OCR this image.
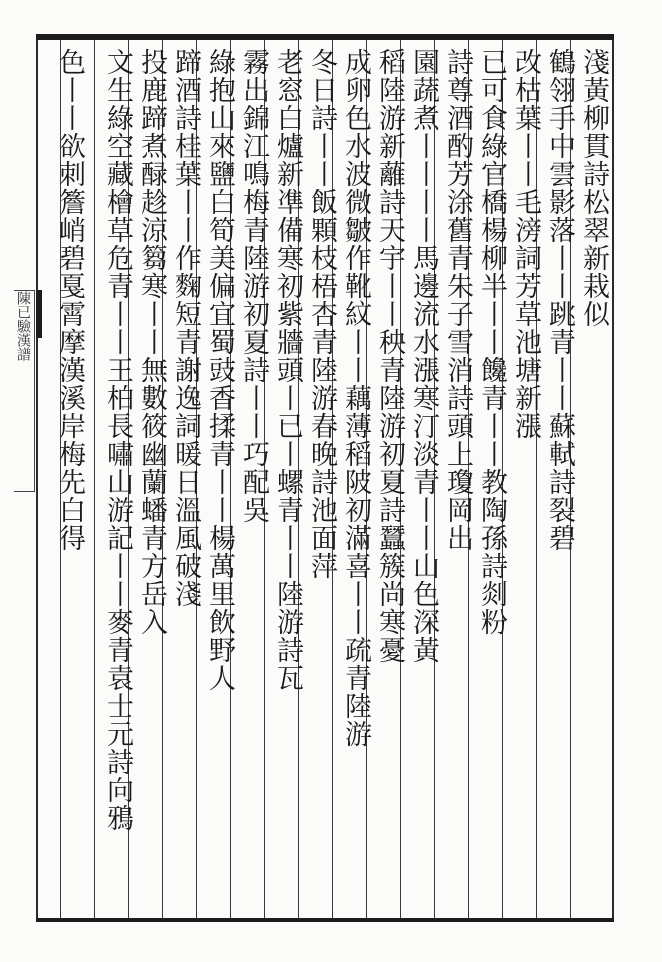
陳已驗漢譜	淺黃柳貫詩松翠新栽似
鶴翎手中雲影落丨丨跳青丨丨蘇軾詩裂碧
改枯葉丨丨毛滂詞芳草池塘新漲
已可食綠官橋楊柳半丨丨饞青丨丨教陶孫詩剡粉
詩尊酒酌芳涂舊青朱子雪消詩頭上瓊岡出
園蔬煮丨丨丨丨馬邊流水漲寒汀淡青丨丨山色深黃
稻陸游新蘺詩天宇丨丨秧青陸游初夏詩蠶簇尚寒憂
成卵色水波微皺作靴紋丨丨藕薄稻陂初滿喜丨丨疏青陸游
冬日詩丨丨飯顆枝梧杏青陸游春晚詩池面萍
老窓白爐新凖備寒初紫牆頭丨已丨螺青丨丨陸游詩瓦
霧出錦江鳴梅青陸游初夏詩丨丨巧配吳
綠抱山來鹽白筍美偏宜蜀豉香揉青丨丨楊萬里飲野人
蹄酒詩桂葉丨丨作麴短青謝逸詞暖日溫風破淺
投鹿蹄煮醁趁涼篘寒丨丨無數筱幽蘭蟠青方岳入
文生綠空藏檜草危青丨丨王柏長嘯山游記丨丨麥青袁士元詩向鴉
色丨丨欲刺簷峭碧戛霄摩漢溪岸梅先白得
